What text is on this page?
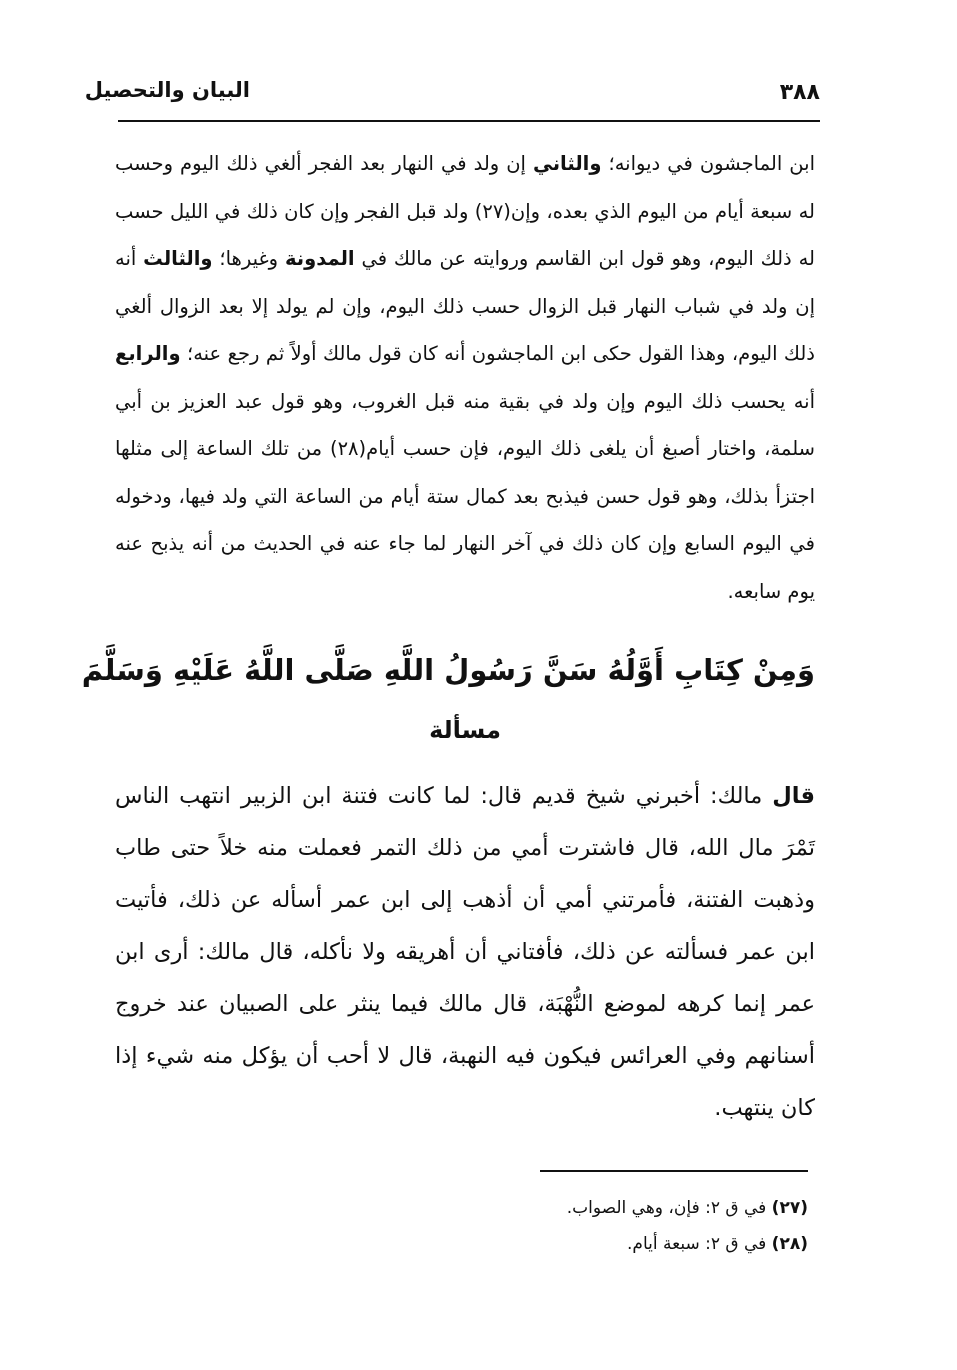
البيان والتحصيل	٣٨٨

ابن الماجشون في ديوانه؛ والثاني إن ولد في النهار بعد الفجر ألغي ذلك اليوم وحسب له سبعة أيام من اليوم الذي بعده، وإن(٢٧) ولد قبل الفجر وإن كان ذلك في الليل حسب له ذلك اليوم، وهو قول ابن القاسم وروايته عن مالك في المدونة وغيرها؛ والثالث أنه إن ولد في شباب النهار قبل الزوال حسب ذلك اليوم، وإن لم يولد إلا بعد الزوال ألغي ذلك اليوم، وهذا القول حكى ابن الماجشون أنه كان قول مالك أولاً ثم رجع عنه؛ والرابع أنه يحسب ذلك اليوم وإن ولد في بقية منه قبل الغروب، وهو قول عبد العزيز بن أبي سلمة، واختار أصبغ أن يلغى ذلك اليوم، فإن حسب أيام(٢٨) من تلك الساعة إلى مثلها اجتزأ بذلك، وهو قول حسن فيذبح بعد كمال ستة أيام من الساعة التي ولد فيها، ودخوله في اليوم السابع وإن كان ذلك في آخر النهار لما جاء عنه في الحديث من أنه يذبح عنه يوم سابعه.

وَمِنْ كِتَابِ أَوَّلُهُ سَنَّ رَسُولُ اللَّهِ صَلَّى اللَّهُ عَلَيْهِ وَسَلَّمَ
مسألة

قال مالك: أخبرني شيخ قديم قال: لما كانت فتنة ابن الزبير انتهب الناس تَمْرَ مال الله، قال فاشترت أمي من ذلك التمر فعملت منه خلاً حتى طاب وذهبت الفتنة، فأمرتني أمي أن أذهب إلى ابن عمر أسأله عن ذلك، فأتيت ابن عمر فسألته عن ذلك، فأفتاني أن أهريقه ولا نأكله، قال مالك: أرى ابن عمر إنما كرهه لموضع النُّهْبَة، قال مالك فيما ينثر على الصبيان عند خروج أسنانهم وفي العرائس فيكون فيه النهبة، قال لا أحب أن يؤكل منه شيء إذا كان ينتهب.

(٢٧) في ق ٢: فإن، وهي الصواب.

(٢٨) في ق ٢: سبعة أيام.
